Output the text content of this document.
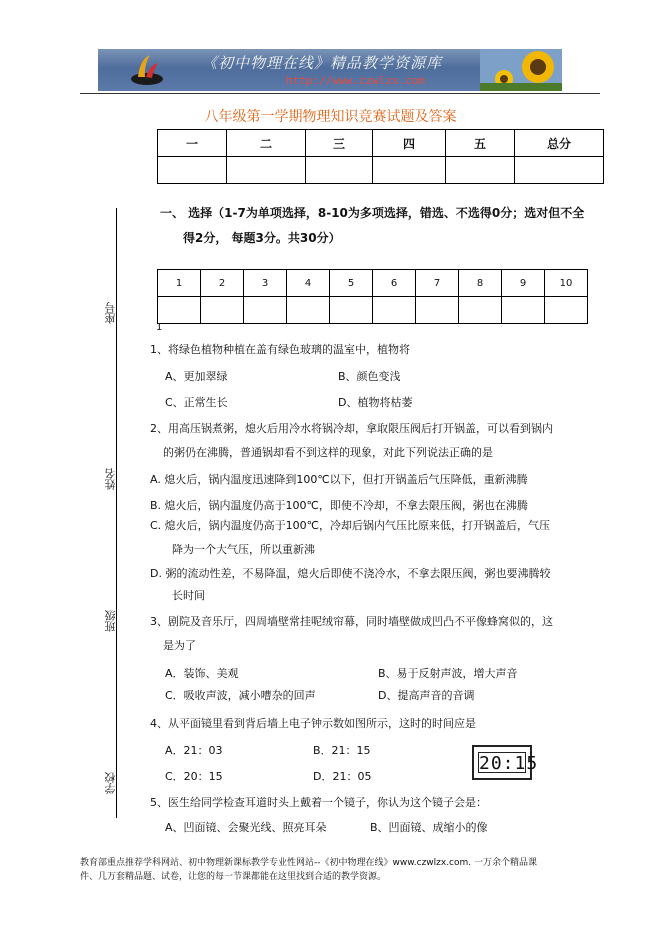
《初中物理在线》精品教学资源库
http://www.czwlzx.com
八年级第一学期物理知识竞赛试题及答案
一	二	三	四	五	总分

座号
姓名
班级
学校
一、 选择（1-7为单项选择，8-10为多项选择，错选、不选得0分；选对但不全
得2分， 每题3分。共30分）
1	2	3	4	5	6	7	8	9	10

1
1、将绿色植物种植在盖有绿色玻璃的温室中，植物将
A、更加翠绿	B、颜色变浅
C、正常生长	D、植物将枯萎
2、用高压锅煮粥，熄火后用冷水将锅冷却，拿取限压阀后打开锅盖，可以看到锅内
的粥仍在沸腾，普通锅却看不到这样的现象，对此下列说法正确的是
A. 熄火后，锅内温度迅速降到100℃以下，但打开锅盖后气压降低，重新沸腾
B. 熄火后，锅内温度仍高于100℃，即使不冷却，不拿去限压阀，粥也在沸腾
C. 熄火后，锅内温度仍高于100℃，冷却后锅内气压比原来低，打开锅盖后，气压
降为一个大气压，所以重新沸
D. 粥的流动性差，不易降温，熄火后即使不浇冷水，不拿去限压阀，粥也要沸腾较
长时间
3、剧院及音乐厅，四周墙壁常挂呢绒帘幕，同时墙壁做成凹凸不平像蜂窝似的，这
是为了
A．装饰、美观	B、易于反射声波，增大声音
C．吸收声波，减小嘈杂的回声	D、提高声音的音调
4、从平面镜里看到背后墙上电子钟示数如图所示，这时的时间应是
A．21：03	B．21：15
C．20：15	D．21：05
20:15
5、医生给同学检查耳道时头上戴着一个镜子，你认为这个镜子会是：
A、凹面镜、会聚光线、照亮耳朵	B、凹面镜、成缩小的像
教育部重点推荐学科网站、初中物理新课标教学专业性网站--《初中物理在线》www.czwlzx.com. 一万余个精品课
件、几万套精品题、试卷，让您的每一节课都能在这里找到合适的教学资源。
